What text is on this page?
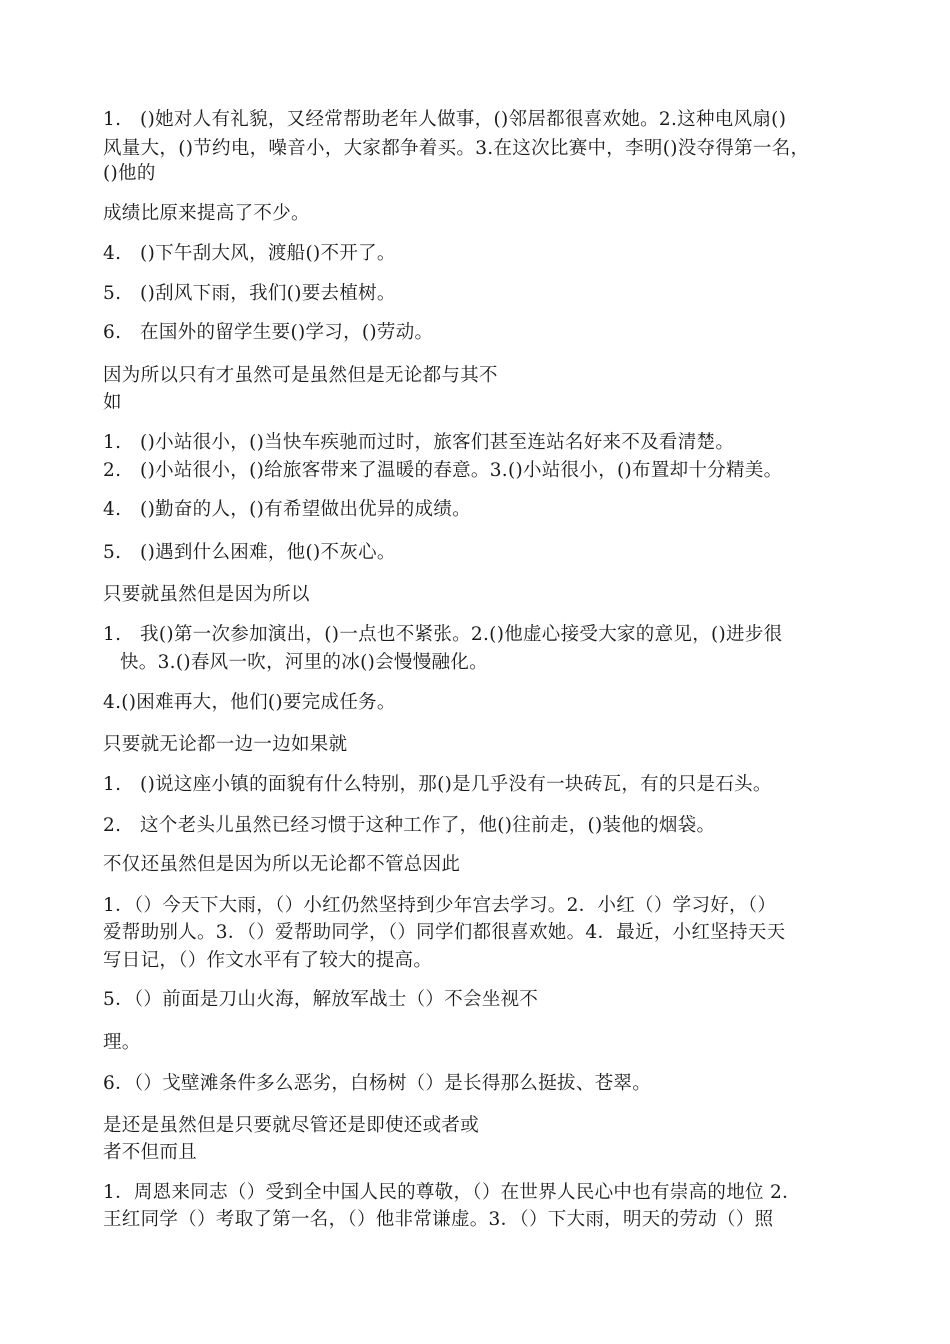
1.　()她对人有礼貌，又经常帮助老年人做事，()邻居都很喜欢她。2.这种电风扇()

风量大，()节约电，噪音小，大家都争着买。3.在这次比赛中，李明()没夺得第一名，

()他的

成绩比原来提高了不少。

4.　()下午刮大风，渡船()不开了。

5.　()刮风下雨，我们()要去植树。

6.　在国外的留学生要()学习，()劳动。

因为所以只有才虽然可是虽然但是无论都与其不

如

1.　()小站很小，()当快车疾驰而过时，旅客们甚至连站名好来不及看清楚。

2.　()小站很小，()给旅客带来了温暖的春意。3.()小站很小，()布置却十分精美。

4.　()勤奋的人，()有希望做出优异的成绩。

5.　()遇到什么困难，他()不灰心。

只要就虽然但是因为所以

1.　我()第一次参加演出，()一点也不紧张。2.()他虚心接受大家的意见，()进步很

快。3.()春风一吹，河里的冰()会慢慢融化。

4.()困难再大，他们()要完成任务。

只要就无论都一边一边如果就

1.　()说这座小镇的面貌有什么特别，那()是几乎没有一块砖瓦，有的只是石头。

2.　这个老头儿虽然已经习惯于这种工作了，他()往前走，()装他的烟袋。

不仅还虽然但是因为所以无论都不管总因此

1．（）今天下大雨，（）小红仍然坚持到少年宫去学习。2．小红（）学习好，（）

爱帮助别人。3．（）爱帮助同学，（）同学们都很喜欢她。4．最近，小红坚持天天

写日记，（）作文水平有了较大的提高。

5．（）前面是刀山火海，解放军战士（）不会坐视不

理。

6．（）戈壁滩条件多么恶劣，白杨树（）是长得那么挺拔、苍翠。

是还是虽然但是只要就尽管还是即使还或者或

者不但而且

1．周恩来同志（）受到全中国人民的尊敬，（）在世界人民心中也有崇高的地位 2．

王红同学（）考取了第一名，（）他非常谦虚。3．（）下大雨，明天的劳动（）照
